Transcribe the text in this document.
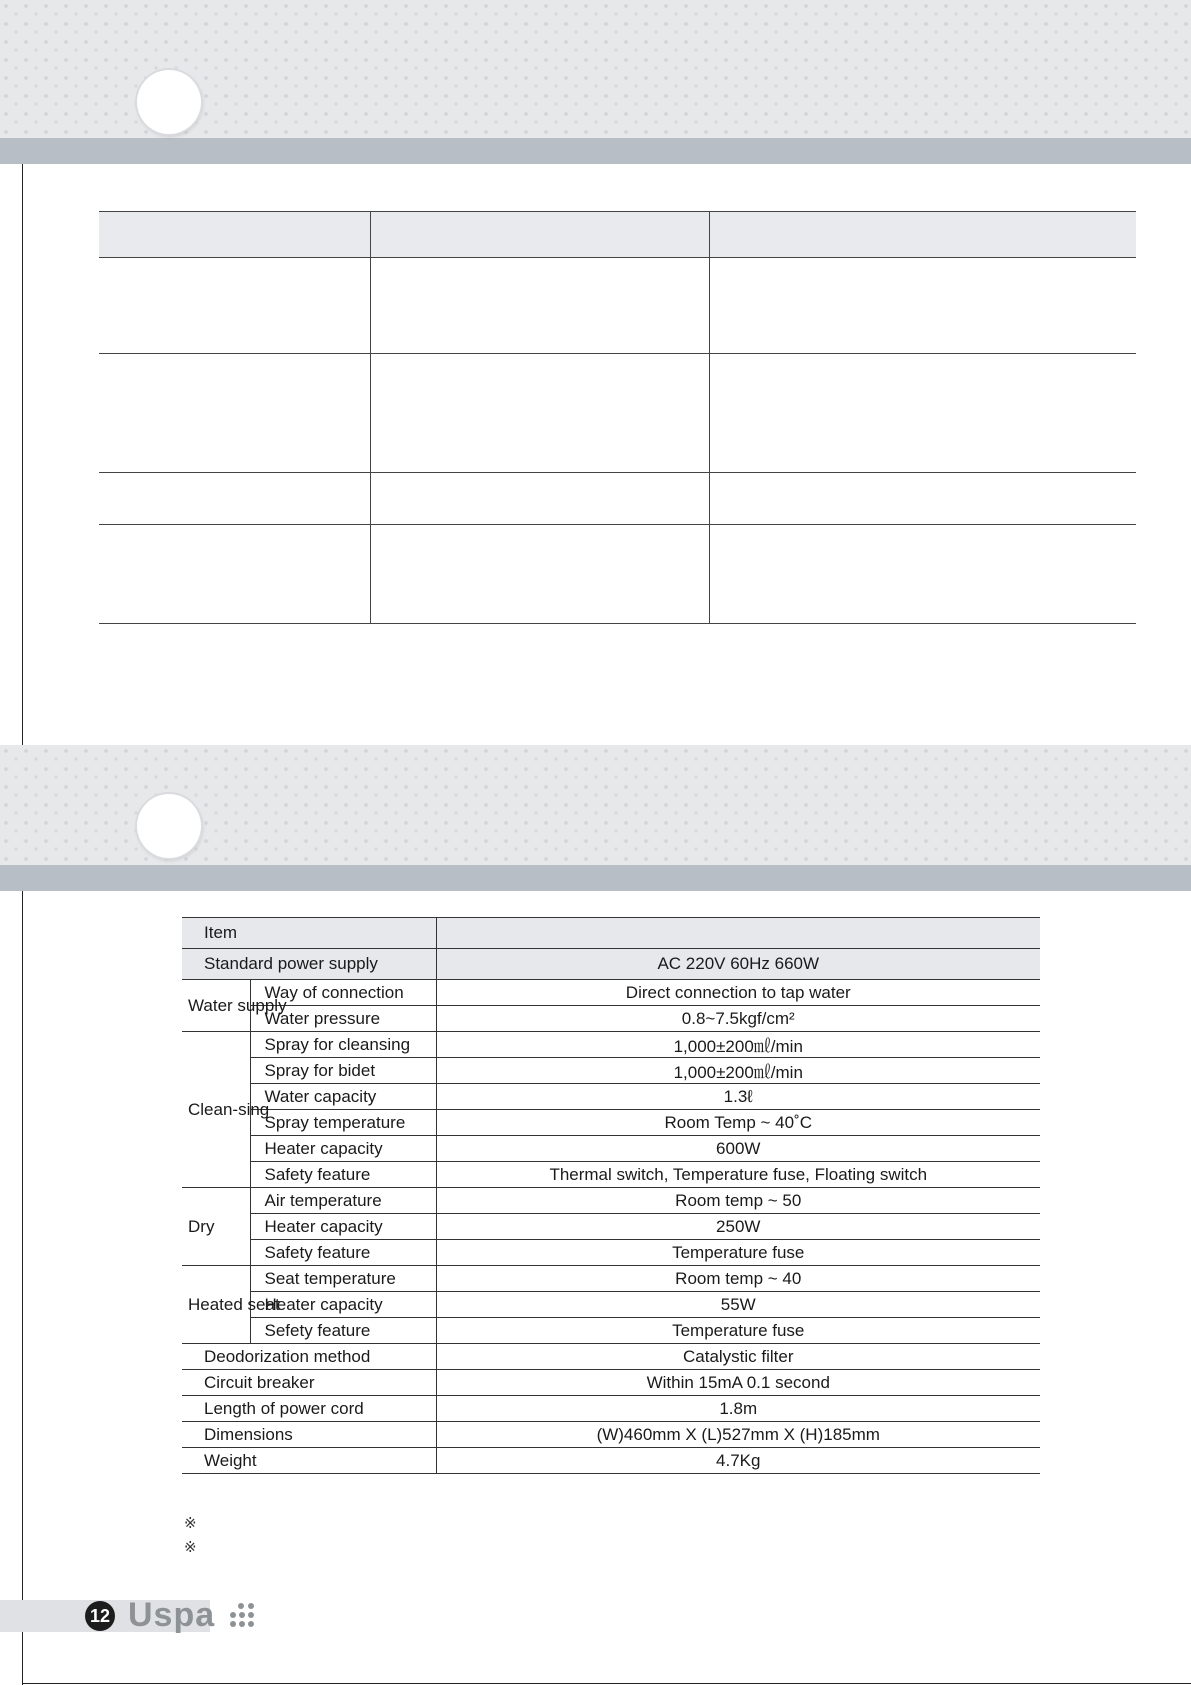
Item		
Standard power supply		AC 220V 60Hz 660W
Water supply	Way of connection	Direct connection to tap water
	Water pressure	0.8~7.5kgf/cm²
Clean-sing	Spray for cleansing	1,000±200㎖/min
	Spray for bidet	1,000±200㎖/min
	Water capacity	1.3ℓ
	Spray temperature	Room Temp ~ 40˚C
	Heater capacity	600W
	Safety feature	Thermal switch, Temperature fuse, Floating switch
Dry	Air temperature	Room temp ~ 50
	Heater capacity	250W
	Safety feature	Temperature fuse
Heated seat	Seat temperature	Room temp ~ 40
	Heater capacity	55W
	Sefety feature	Temperature fuse
Deodorization method		Catalystic filter
Circuit breaker		Within 15mA 0.1 second
Length of power cord		1.8m
Dimensions		(W)460mm X (L)527mm X (H)185mm
Weight		4.7Kg
※
※
12 Uspa
